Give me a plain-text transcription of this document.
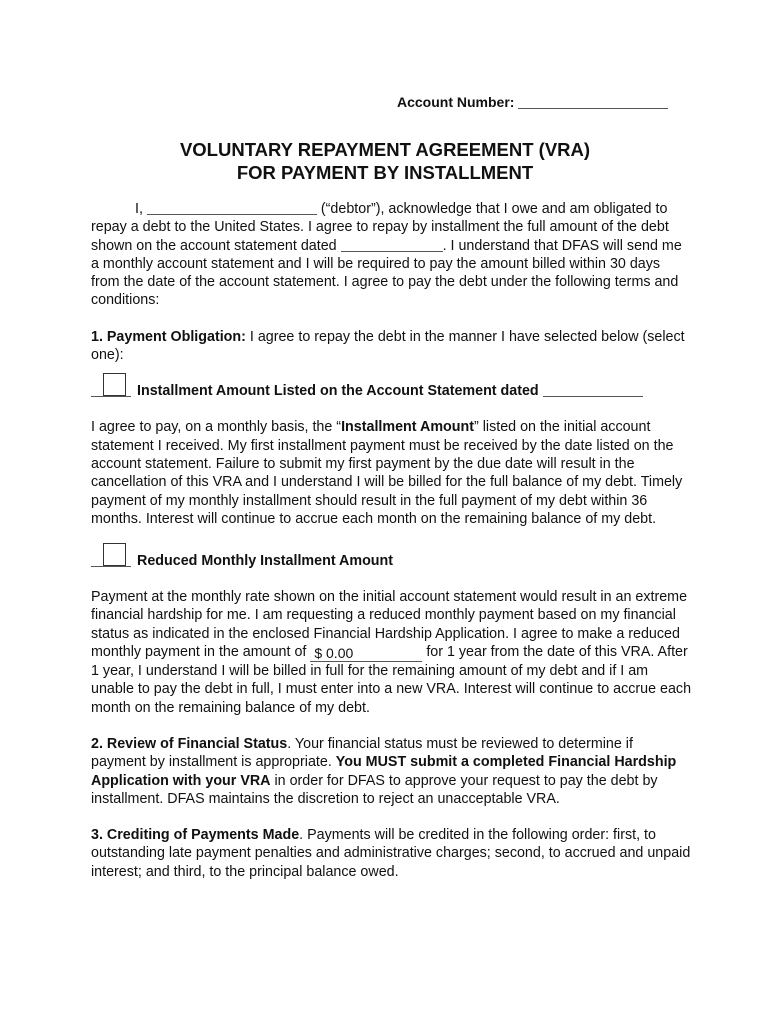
Account Number:
VOLUNTARY REPAYMENT AGREEMENT (VRA)
FOR PAYMENT BY INSTALLMENT

I,	(“debtor”), acknowledge that I owe and am obligated to repay a debt to the United States. I agree to repay by installment the full amount of the debt shown on the account statement dated	. I understand that DFAS will send me a monthly account statement and I will be required to pay the amount billed within 30 days from the date of the account statement. I agree to pay the debt under the following terms and conditions:

1. Payment Obligation: I agree to repay the debt in the manner I have selected below (select one):

Installment Amount Listed on the Account Statement dated

I agree to pay, on a monthly basis, the “Installment Amount” listed on the initial account statement I received. My first installment payment must be received by the date listed on the account statement. Failure to submit my first payment by the due date will result in the cancellation of this VRA and I understand I will be billed for the full balance of my debt. Timely payment of my monthly installment should result in the full payment of my debt within 36 months. Interest will continue to accrue each month on the remaining balance of my debt.

Reduced Monthly Installment Amount

Payment at the monthly rate shown on the initial account statement would result in an extreme financial hardship for me. I am requesting a reduced monthly payment based on my financial status as indicated in the enclosed Financial Hardship Application. I agree to make a reduced monthly payment in the amount of $ 0.00	for 1 year from the date of this VRA. After 1 year, I understand I will be billed in full for the remaining amount of my debt and if I am unable to pay the debt in full, I must enter into a new VRA. Interest will continue to accrue each month on the remaining balance of my debt.

2. Review of Financial Status. Your financial status must be reviewed to determine if payment by installment is appropriate. You MUST submit a completed Financial Hardship Application with your VRA in order for DFAS to approve your request to pay the debt by installment. DFAS maintains the discretion to reject an unacceptable VRA.

3. Crediting of Payments Made. Payments will be credited in the following order: first, to outstanding late payment penalties and administrative charges; second, to accrued and unpaid interest; and third, to the principal balance owed.
